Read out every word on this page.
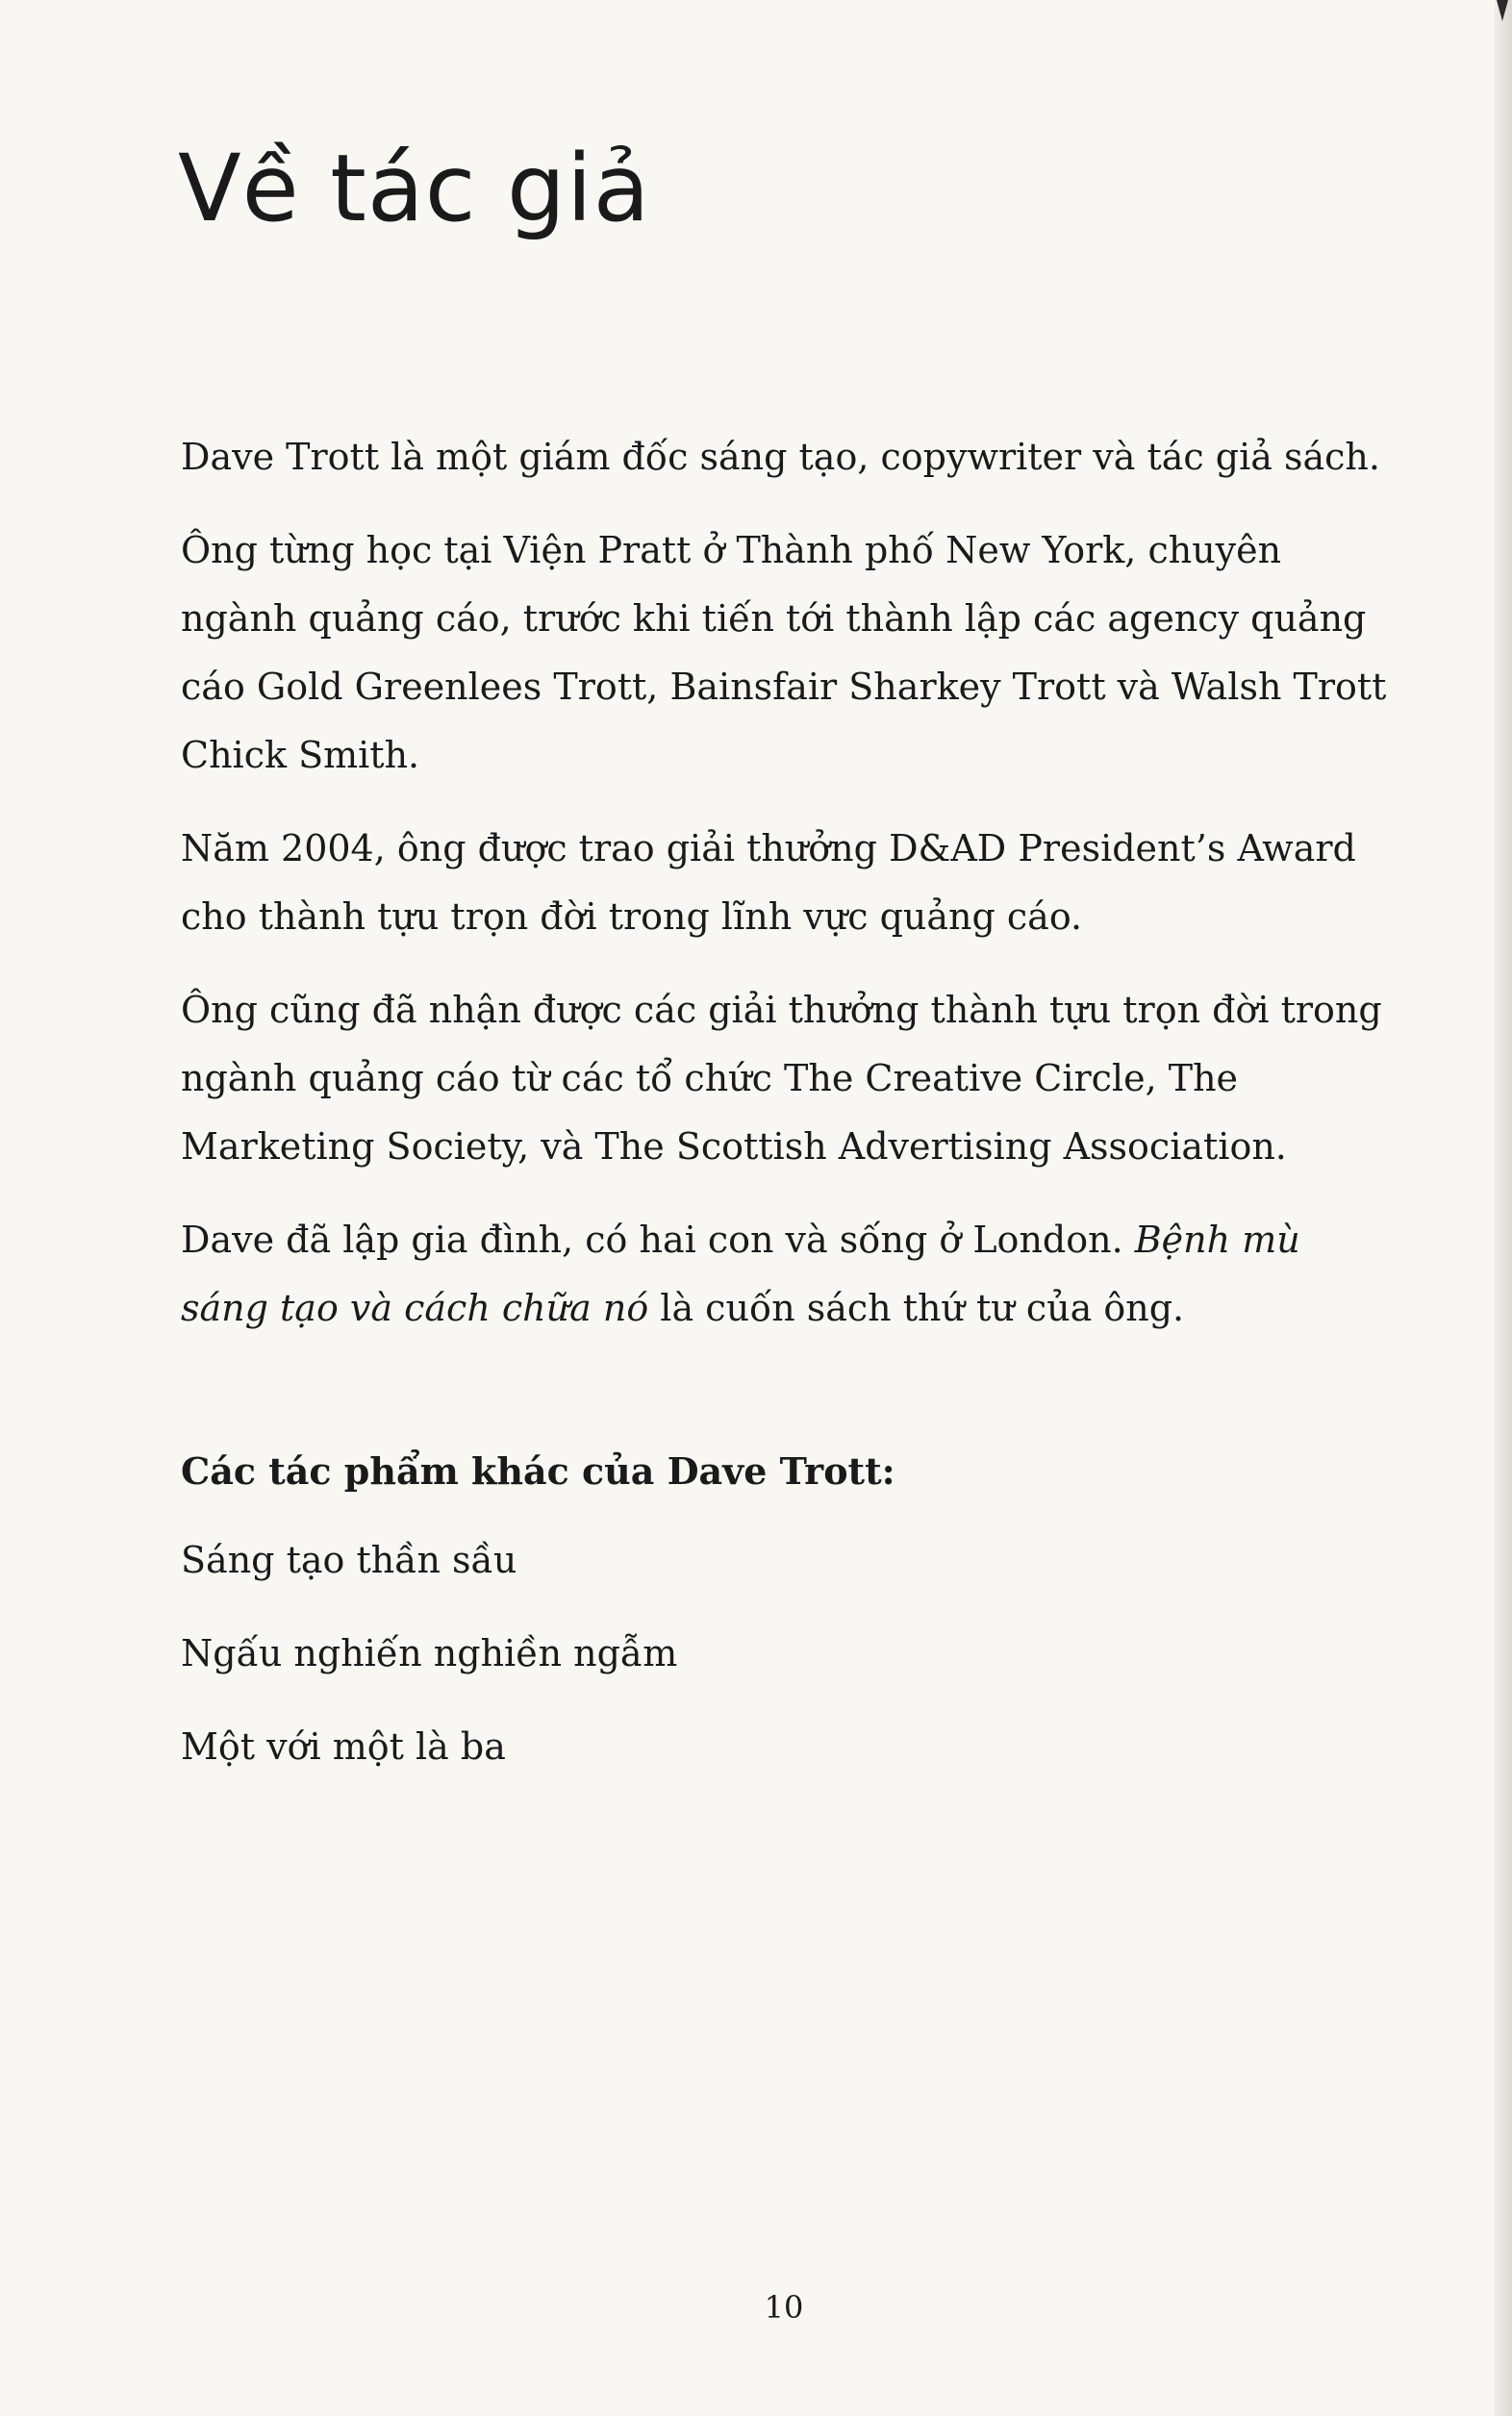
Về tác giả

Dave Trott là một giám đốc sáng tạo, copywriter và tác giả sách.

Ông từng học tại Viện Pratt ở Thành phố New York, chuyên ngành quảng cáo, trước khi tiến tới thành lập các agency quảng cáo Gold Greenlees Trott, Bainsfair Sharkey Trott và Walsh Trott Chick Smith.

Năm 2004, ông được trao giải thưởng D&AD President’s Award cho thành tựu trọn đời trong lĩnh vực quảng cáo.

Ông cũng đã nhận được các giải thưởng thành tựu trọn đời trong ngành quảng cáo từ các tổ chức The Creative Circle, The Marketing Society, và The Scottish Advertising Association.

Dave đã lập gia đình, có hai con và sống ở London. Bệnh mù sáng tạo và cách chữa nó là cuốn sách thứ tư của ông.

Các tác phẩm khác của Dave Trott:

Sáng tạo thần sầu

Ngấu nghiến nghiền ngẫm

Một với một là ba

10
